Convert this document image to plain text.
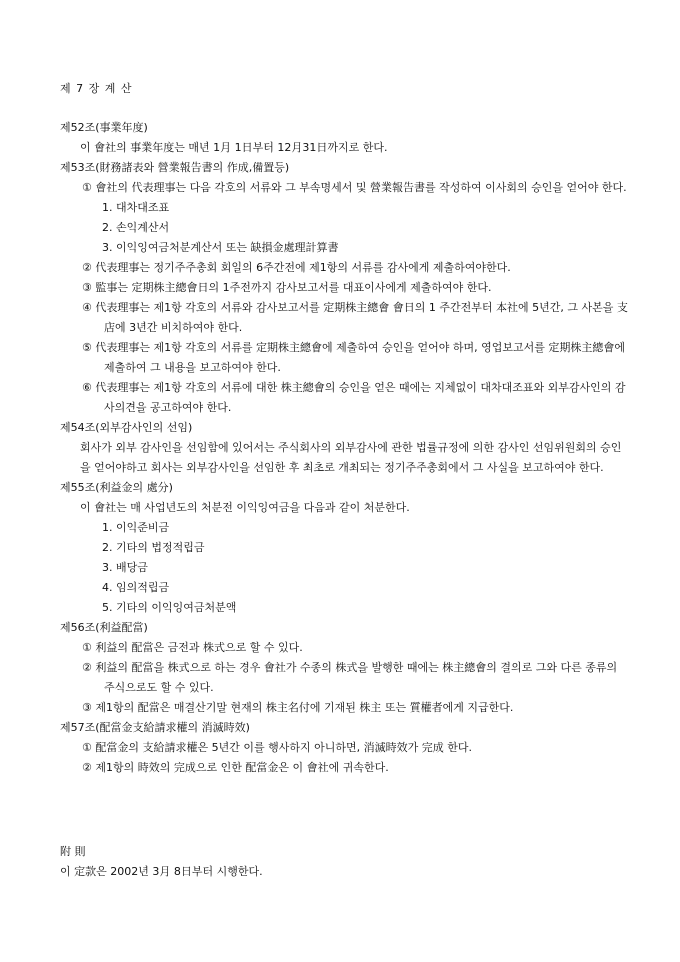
제 7 장 계 산
제52조(事業年度)
이 會社의 事業年度는 매년 1月 1日부터 12月31日까지로 한다.
제53조(財務諸表와 營業報告書의 作成,備置등)
① 會社의 代表理事는 다음 각호의 서류와 그 부속명세서 및 營業報告書를 작성하여 이사회의 승인을 얻어야 한다.
1. 대차대조표
2. 손익계산서
3. 이익잉여금처분계산서 또는 缺損金處理計算書
② 代表理事는 정기주주총회 회일의 6주간전에 제1항의 서류를 감사에게 제출하여야한다.
③ 監事는 定期株主總會日의 1주전까지 감사보고서를 대표이사에게 제출하여야 한다.
④ 代表理事는 제1항 각호의 서류와 감사보고서를 定期株主總會 會日의 1 주간전부터 本社에 5년간, 그 사본을 支店에 3년간 비치하여야 한다.
⑤ 代表理事는 제1항 각호의 서류를 定期株主總會에 제출하여 승인을 얻어야 하며, 영업보고서를 定期株主總會에 제출하여 그 내용을 보고하여야 한다.
⑥ 代表理事는 제1항 각호의 서류에 대한 株主總會의 승인을 얻은 때에는 지체없이 대차대조표와 외부감사인의 감사의견을 공고하여야 한다.
제54조(외부감사인의 선임)
회사가 외부 감사인을 선임함에 있어서는 주식회사의 외부감사에 관한 법률규정에 의한 감사인 선임위원회의 승인을 얻어야하고 회사는 외부감사인을 선임한 후 최초로 개최되는 정기주주총회에서 그 사실을 보고하여야 한다.
제55조(利益金의 處分)
이 會社는 매 사업년도의 처분전 이익잉여금을 다음과 같이 처분한다.
1. 이익준비금
2. 기타의 법정적립금
3. 배당금
4. 임의적립금
5. 기타의 이익잉여금처분액
제56조(利益配當)
① 利益의 配當은 금전과 株式으로 할 수 있다.
② 利益의 配當을 株式으로 하는 경우 會社가 수종의 株式을 발행한 때에는 株主總會의 결의로 그와 다른 종류의 주식으로도 할 수 있다.
③ 제1항의 配當은 매결산기말 현재의 株主名付에 기재된 株主 또는 質權者에게 지급한다.
제57조(配當金支給請求權의 消滅時效)
① 配當金의 支給請求權은 5년간 이를 행사하지 아니하면, 消滅時效가 完成 한다.
② 제1항의 時效의 完成으로 인한 配當金은 이 會社에 귀속한다.
附 則
이 定款은 2002년 3月 8日부터 시행한다.
